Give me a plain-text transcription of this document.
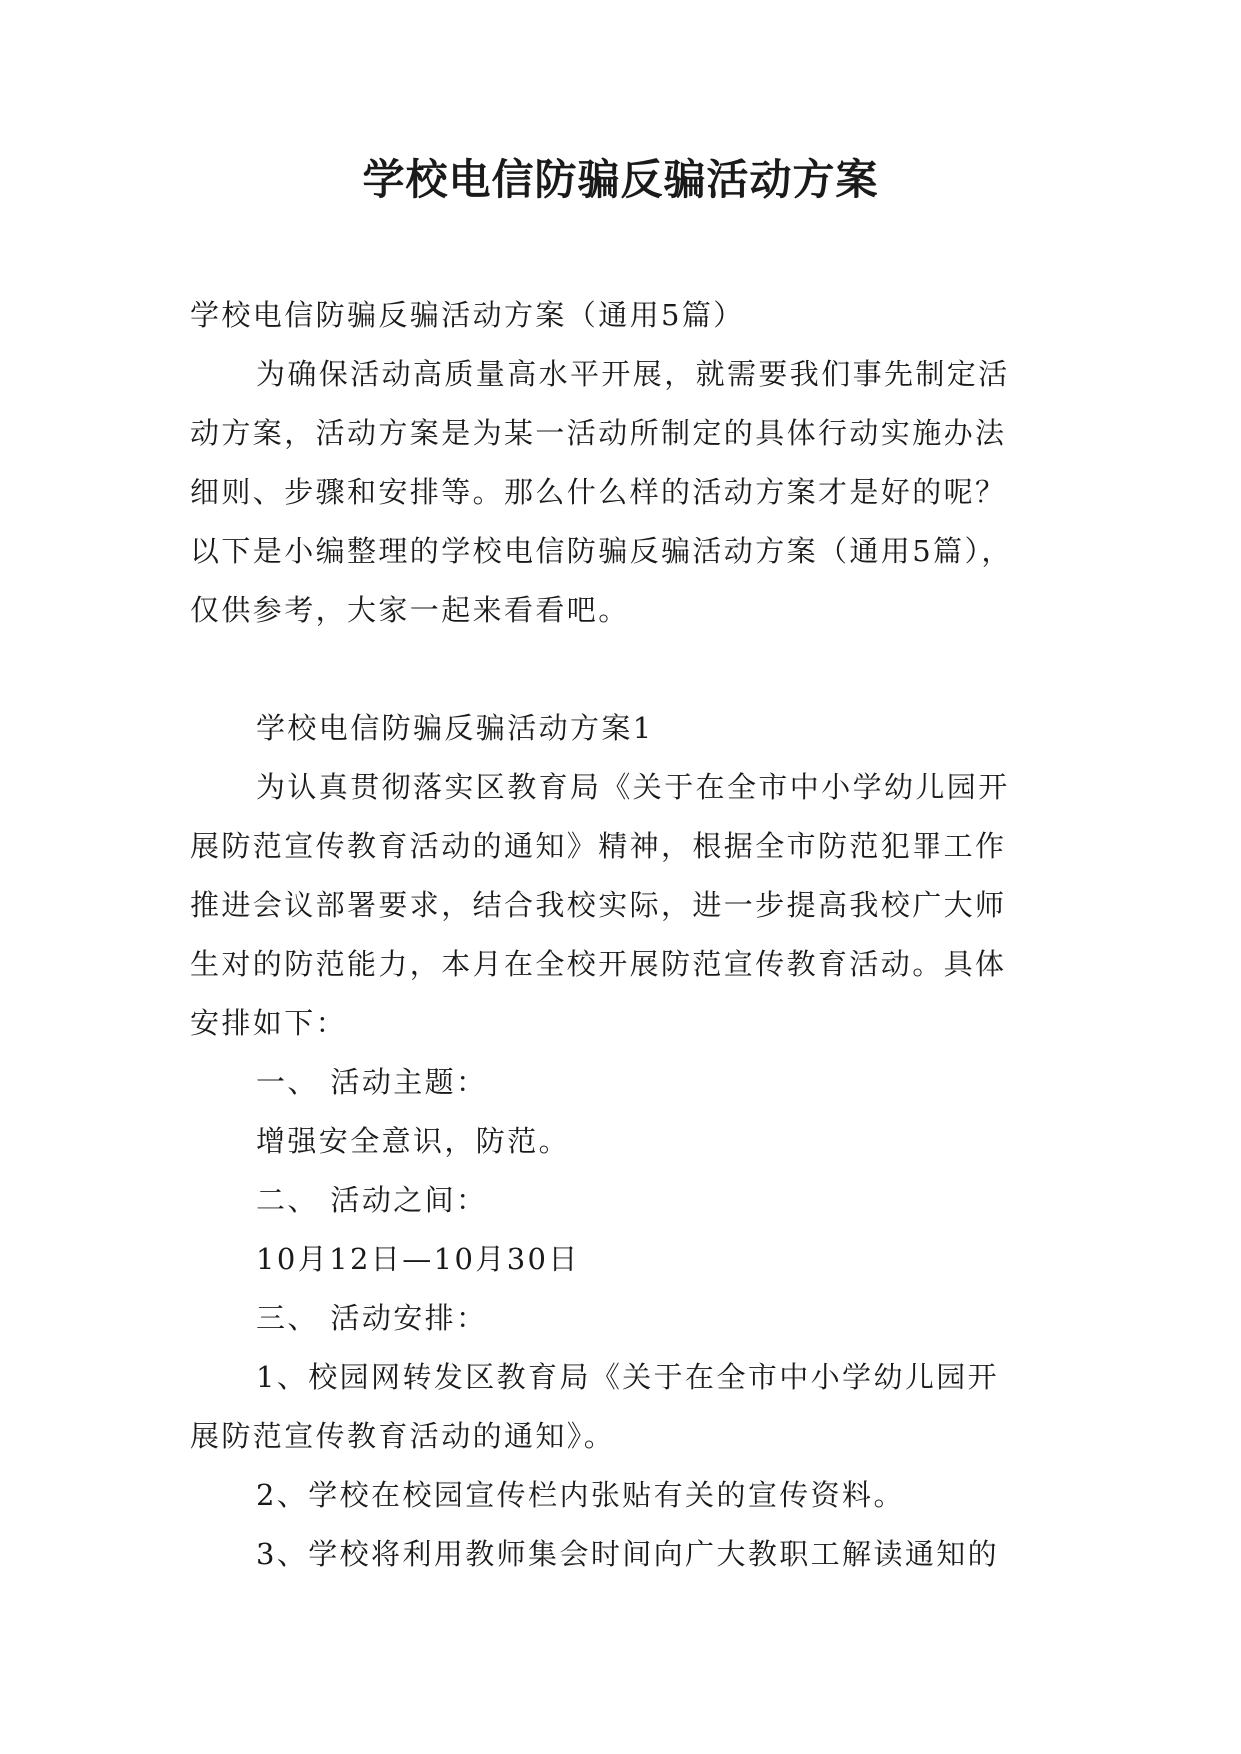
学校电信防骗反骗活动方案
学校电信防骗反骗活动方案（通用5篇）
为确保活动高质量高水平开展，就需要我们事先制定活
动方案，活动方案是为某一活动所制定的具体行动实施办法
细则、步骤和安排等。那么什么样的活动方案才是好的呢？
以下是小编整理的学校电信防骗反骗活动方案（通用5篇），
仅供参考，大家一起来看看吧。
学校电信防骗反骗活动方案1
为认真贯彻落实区教育局《关于在全市中小学幼儿园开
展防范宣传教育活动的通知》精神，根据全市防范犯罪工作
推进会议部署要求，结合我校实际，进一步提高我校广大师
生对的防范能力，本月在全校开展防范宣传教育活动。具体
安排如下：
一、 活动主题：
增强安全意识，防范。
二、 活动之间：
10月12日—10月30日
三、 活动安排：
1、校园网转发区教育局《关于在全市中小学幼儿园开
展防范宣传教育活动的通知》。
2、学校在校园宣传栏内张贴有关的宣传资料。
3、学校将利用教师集会时间向广大教职工解读通知的
